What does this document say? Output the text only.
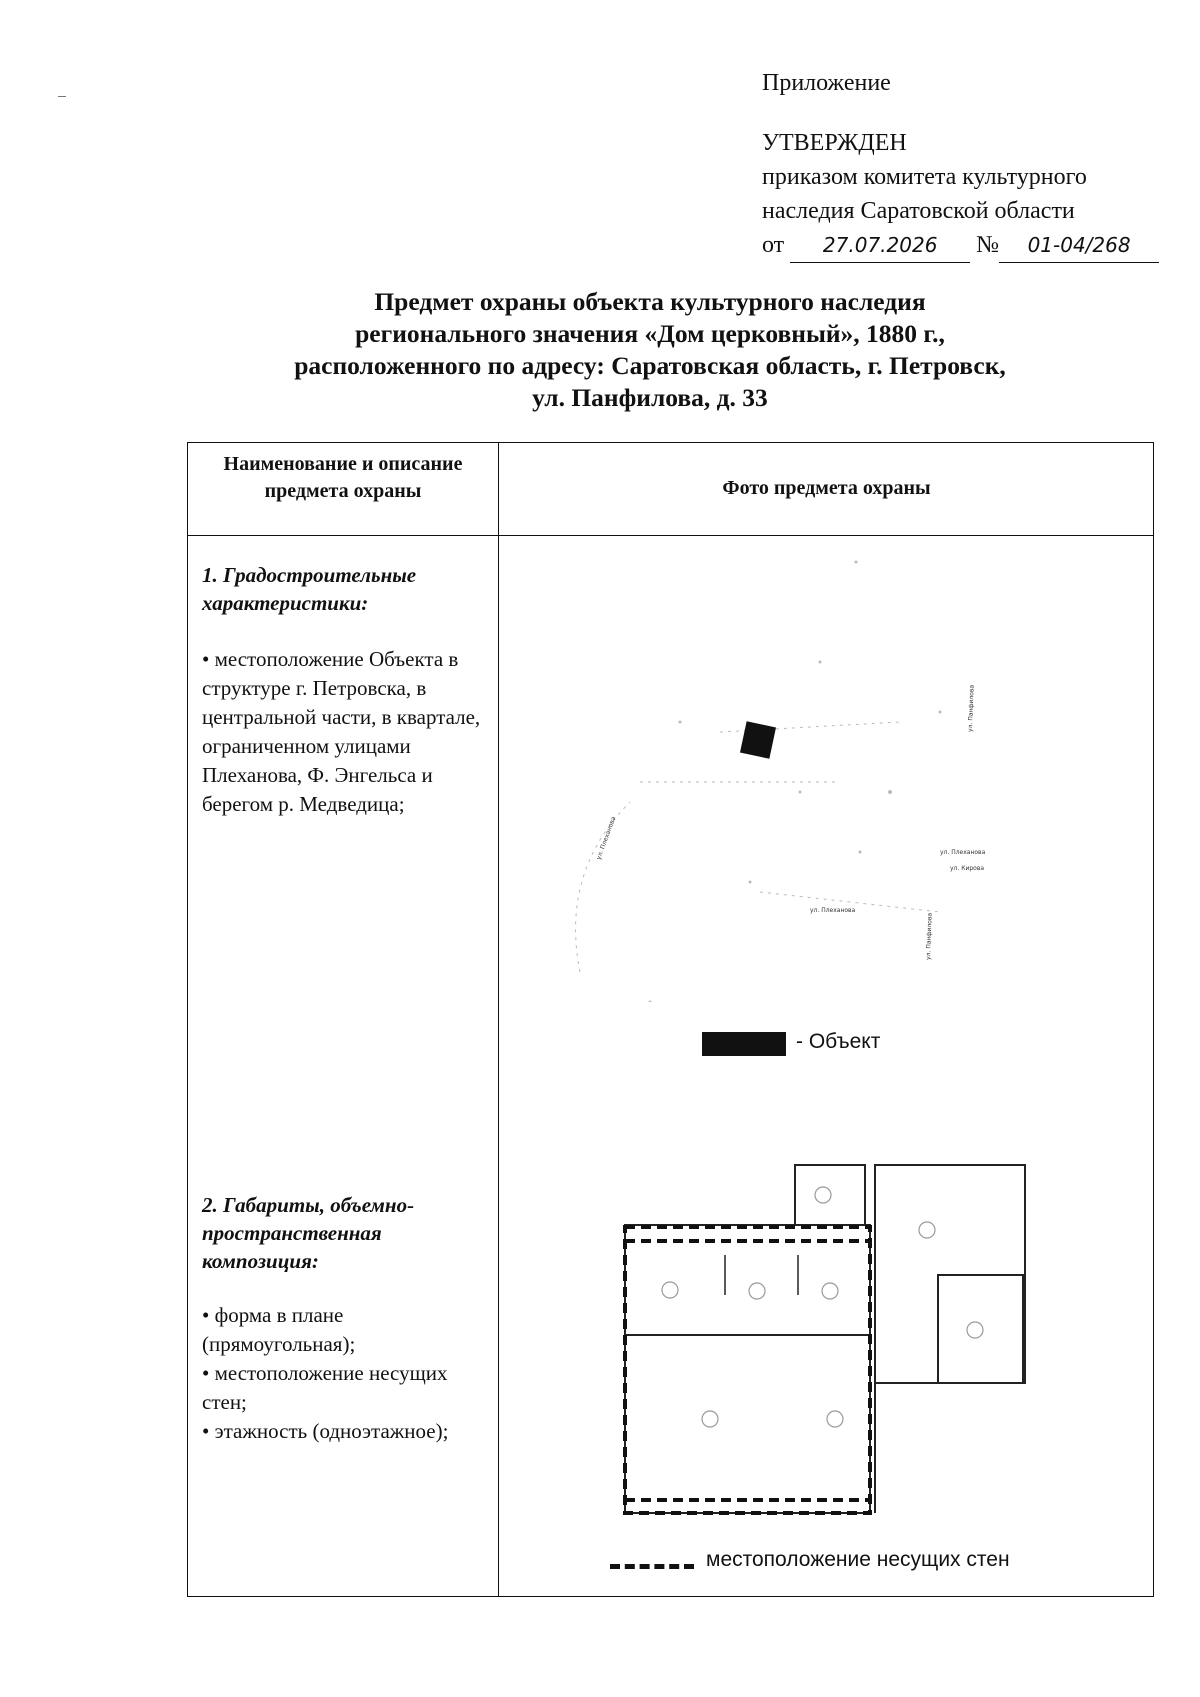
Приложение
УТВЕРЖДЕН
приказом комитета культурного
наследия Саратовской области
от 27.07.2026 № 01-04/268
Предмет охраны объекта культурного наследия
регионального значения «Дом церковный», 1880 г.,
расположенного по адресу: Саратовская область, г. Петровск,
ул. Панфилова, д. 33
Наименование и описание предмета охраны	Фото предмета охраны
1. Градостроительные характеристики:
• местоположение Объекта в структуре г. Петровска, в центральной части, в квартале, ограниченном улицами Плеханова, Ф. Энгельса и берегом р. Медведица;
2. Габариты, объемно-пространственная композиция:
• форма в плане (прямоугольная);
• местоположение несущих стен;
• этажность (одноэтажное);
ул. Плеханова
ул. Плеханова
ул. Кирова
ул. Плеханова
ул. Панфилова
ул. Панфилова
- Объект
местоположение несущих стен
